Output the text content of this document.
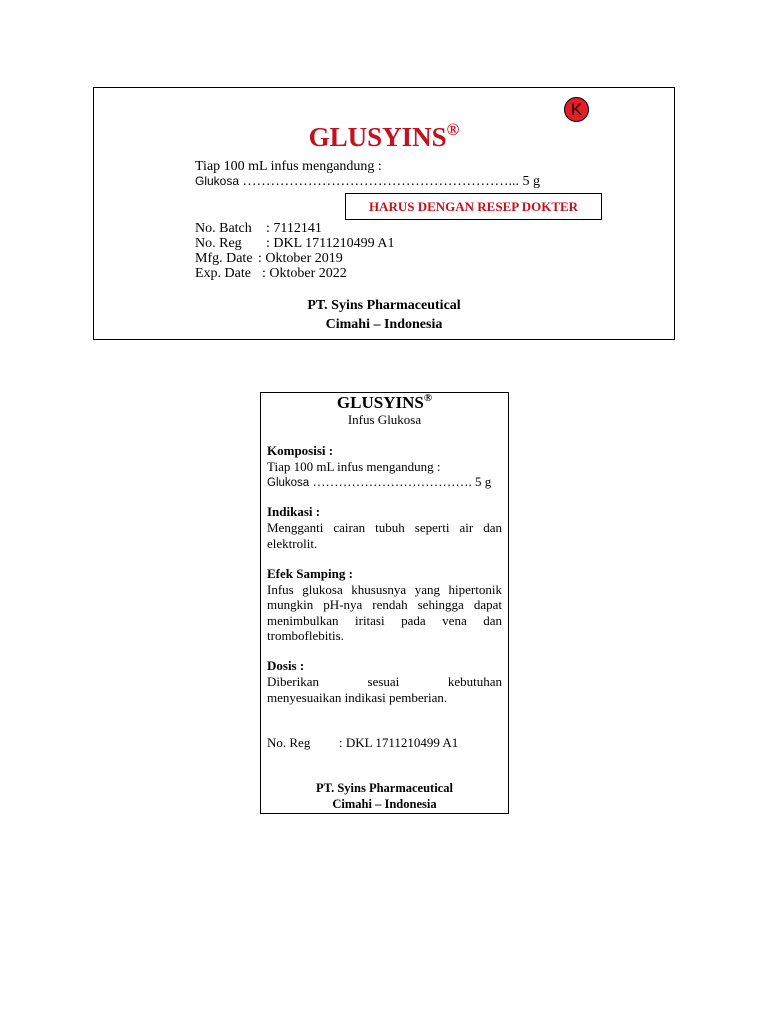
GLUSYINS®
K
Tiap 100 mL infus mengandung :
Glukosa …………………………………………………... 5 g
HARUS DENGAN RESEP DOKTER
No. Batch : 7112141
No. Reg : DKL 1711210499 A1
Mfg. Date : Oktober 2019
Exp. Date : Oktober 2022
PT. Syins Pharmaceutical
Cimahi – Indonesia
GLUSYINS®
Infus Glukosa
Komposisi :
Tiap 100 mL infus mengandung :
Glukosa ………………………………. 5 g
Indikasi :
Mengganti cairan tubuh seperti air dan
elektrolit.
Efek Samping :
Infus glukosa khususnya yang hipertonik
mungkin pH-nya rendah sehingga dapat
menimbulkan iritasi pada vena dan
tromboflebitis.
Dosis :
Diberikan sesuai kebutuhan
menyesuaikan indikasi pemberian.
No. Reg : DKL 1711210499 A1
PT. Syins Pharmaceutical
Cimahi – Indonesia
